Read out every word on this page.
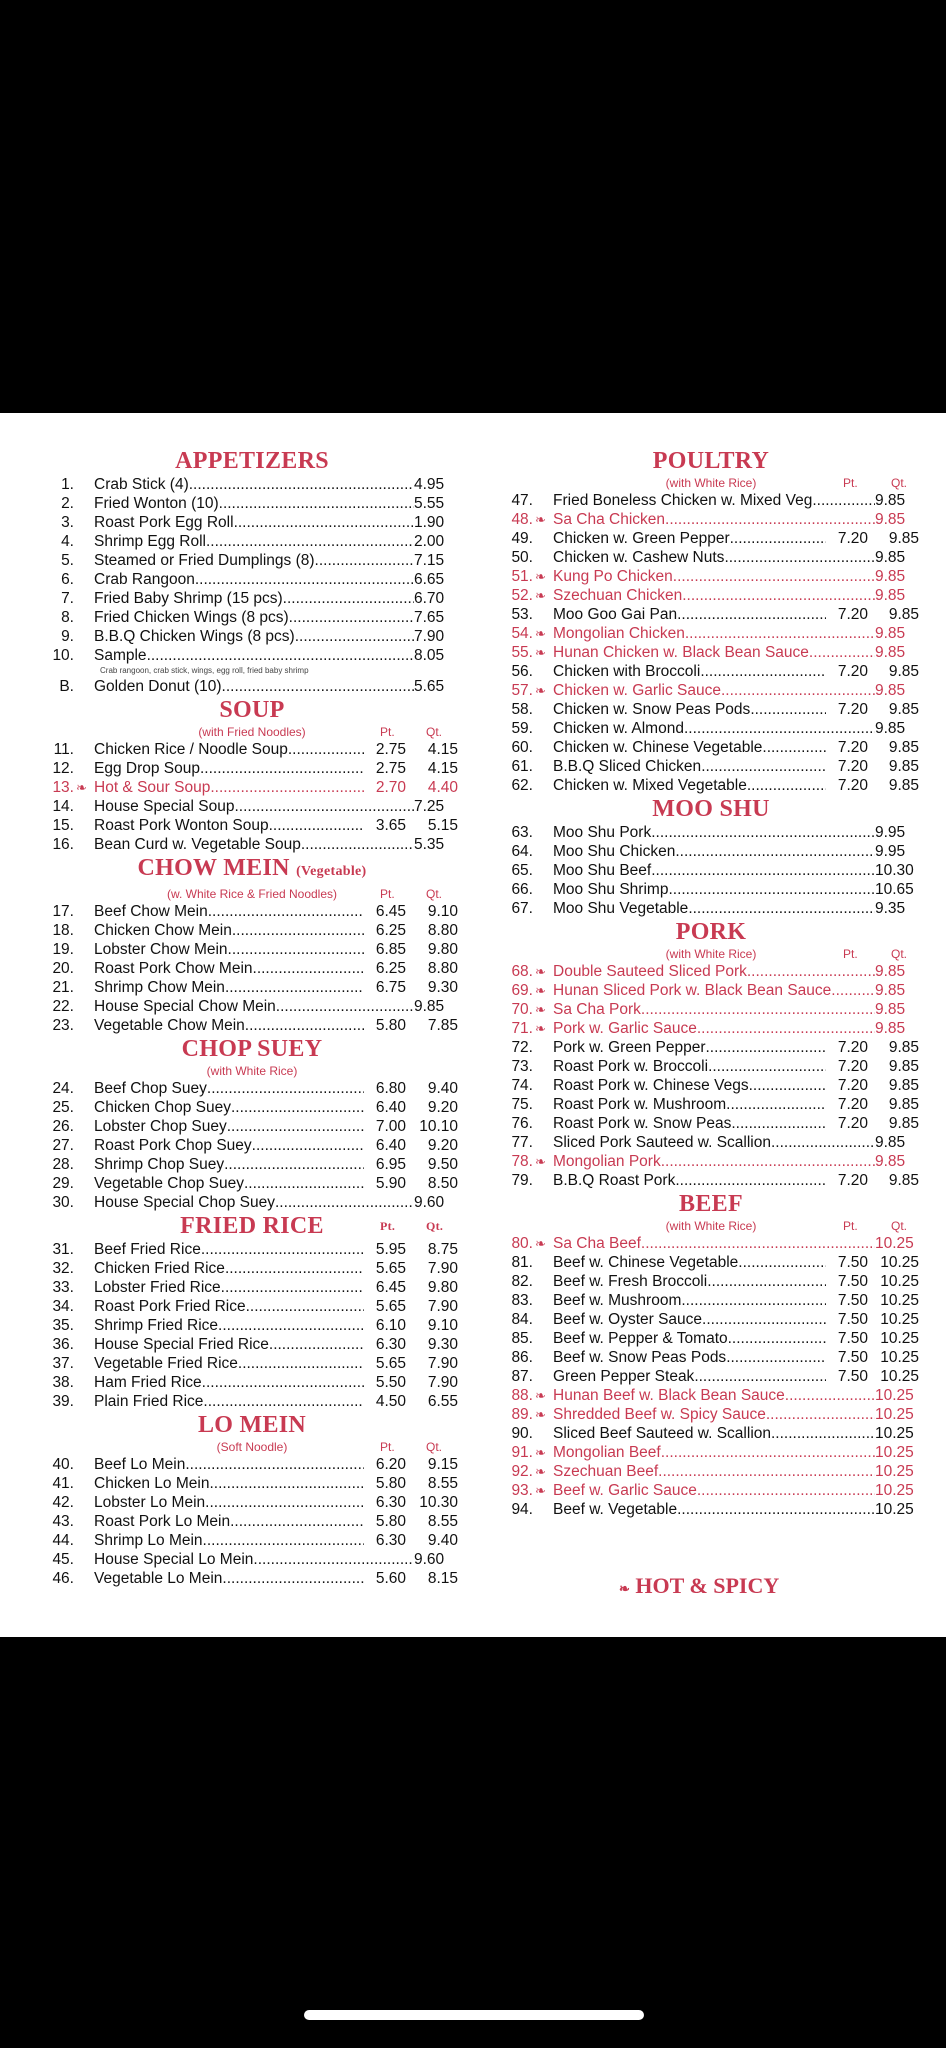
APPETIZERS
1. Crab Stick (4) .....	4.95
2. Fried Wonton (10) .....	5.55
3. Roast Pork Egg Roll .....	1.90
4. Shrimp Egg Roll .....	2.00
5. Steamed or Fried Dumplings (8) .....	7.15
6. Crab Rangoon .....	6.65
7. Fried Baby Shrimp (15 pcs) .....	6.70
8. Fried Chicken Wings (8 pcs) .....	7.65
9. B.B.Q Chicken Wings (8 pcs) .....	7.90
10. Sample .....	8.05
Crab rangoon, crab stick, wings, egg roll, fried baby shrimp
B. Golden Donut (10) .....	5.65
SOUP
(with Fried Noodles)	Pt.	Qt.
11. Chicken Rice / Noodle Soup .....	2.75	4.15
12. Egg Drop Soup .....	2.75	4.15
13. ❧ Hot & Sour Soup .....	2.70	4.40
14. House Special Soup .....	7.25
15. Roast Pork Wonton Soup .....	3.65	5.15
16. Bean Curd w. Vegetable Soup .....	5.35
CHOW MEIN (Vegetable)
(w. White Rice & Fried Noodles)	Pt.	Qt.
17. Beef Chow Mein .....	6.45	9.10
18. Chicken Chow Mein .....	6.25	8.80
19. Lobster Chow Mein .....	6.85	9.80
20. Roast Pork Chow Mein .....	6.25	8.80
21. Shrimp Chow Mein .....	6.75	9.30
22. House Special Chow Mein .....	9.85
23. Vegetable Chow Mein .....	5.80	7.85
CHOP SUEY
(with White Rice)
24. Beef Chop Suey .....	6.80	9.40
25. Chicken Chop Suey .....	6.40	9.20
26. Lobster Chop Suey .....	7.00 10.10
27. Roast Pork Chop Suey .....	6.40	9.20
28. Shrimp Chop Suey .....	6.95	9.50
29. Vegetable Chop Suey .....	5.90	8.50
30. House Special Chop Suey .....	9.60
FRIED RICE	Pt.	Qt.
31. Beef Fried Rice .....	5.95	8.75
32. Chicken Fried Rice .....	5.65	7.90
33. Lobster Fried Rice .....	6.45	9.80
34. Roast Pork Fried Rice .....	5.65	7.90
35. Shrimp Fried Rice .....	6.10	9.10
36. House Special Fried Rice .....	6.30	9.30
37. Vegetable Fried Rice .....	5.65	7.90
38. Ham Fried Rice .....	5.50	7.90
39. Plain Fried Rice .....	4.50	6.55
LO MEIN
(Soft Noodle)	Pt.	Qt.
40. Beef Lo Mein .....	6.20	9.15
41. Chicken Lo Mein .....	5.80	8.55
42. Lobster Lo Mein .....	6.30 10.30
43. Roast Pork Lo Mein .....	5.80	8.55
44. Shrimp Lo Mein .....	6.30	9.40
45. House Special Lo Mein .....	9.60
46. Vegetable Lo Mein .....	5.60	8.15
POULTRY
(with White Rice)	Pt.	Qt.
47. Fried Boneless Chicken w. Mixed Veg .....	9.85
48. ❧ Sa Cha Chicken .....	9.85
49. Chicken w. Green Pepper .....	7.20	9.85
50. Chicken w. Cashew Nuts .....	9.85
51. ❧ Kung Po Chicken .....	9.85
52. ❧ Szechuan Chicken .....	9.85
53. Moo Goo Gai Pan .....	7.20	9.85
54. ❧ Mongolian Chicken .....	9.85
55. ❧ Hunan Chicken w. Black Bean Sauce .....	9.85
56. Chicken with Broccoli .....	7.20	9.85
57. ❧ Chicken w. Garlic Sauce .....	9.85
58. Chicken w. Snow Peas Pods .....	7.20	9.85
59. Chicken w. Almond .....	9.85
60. Chicken w. Chinese Vegetable .....	7.20	9.85
61. B.B.Q Sliced Chicken .....	7.20	9.85
62. Chicken w. Mixed Vegetable .....	7.20	9.85
MOO SHU
63. Moo Shu Pork .....	9.95
64. Moo Shu Chicken .....	9.95
65. Moo Shu Beef .....	10.30
66. Moo Shu Shrimp .....	10.65
67. Moo Shu Vegetable .....	9.35
PORK
(with White Rice)	Pt.	Qt.
68. ❧ Double Sauteed Sliced Pork .....	9.85
69. ❧ Hunan Sliced Pork w. Black Bean Sauce .....	9.85
70. ❧ Sa Cha Pork .....	9.85
71. ❧ Pork w. Garlic Sauce .....	9.85
72. Pork w. Green Pepper .....	7.20	9.85
73. Roast Pork w. Broccoli .....	7.20	9.85
74. Roast Pork w. Chinese Vegs. .....	7.20	9.85
75. Roast Pork w. Mushroom .....	7.20	9.85
76. Roast Pork w. Snow Peas .....	7.20	9.85
77. Sliced Pork Sauteed w. Scallion .....	9.85
78. ❧ Mongolian Pork .....	9.85
79. B.B.Q Roast Pork .....	7.20	9.85
BEEF
(with White Rice)	Pt.	Qt.
80. ❧ Sa Cha Beef .....	10.25
81. Beef w. Chinese Vegetable .....	7.50 10.25
82. Beef w. Fresh Broccoli .....	7.50 10.25
83. Beef w. Mushroom .....	7.50 10.25
84. Beef w. Oyster Sauce .....	7.50 10.25
85. Beef w. Pepper & Tomato .....	7.50 10.25
86. Beef w. Snow Peas Pods .....	7.50 10.25
87. Green Pepper Steak .....	7.50 10.25
88. ❧ Hunan Beef w. Black Bean Sauce .....	10.25
89. ❧ Shredded Beef w. Spicy Sauce .....	10.25
90. Sliced Beef Sauteed w. Scallion .....	10.25
91. ❧ Mongolian Beef .....	10.25
92. ❧ Szechuan Beef .....	10.25
93. ❧ Beef w. Garlic Sauce .....	10.25
94. Beef w. Vegetable .....	10.25
❧ HOT & SPICY
